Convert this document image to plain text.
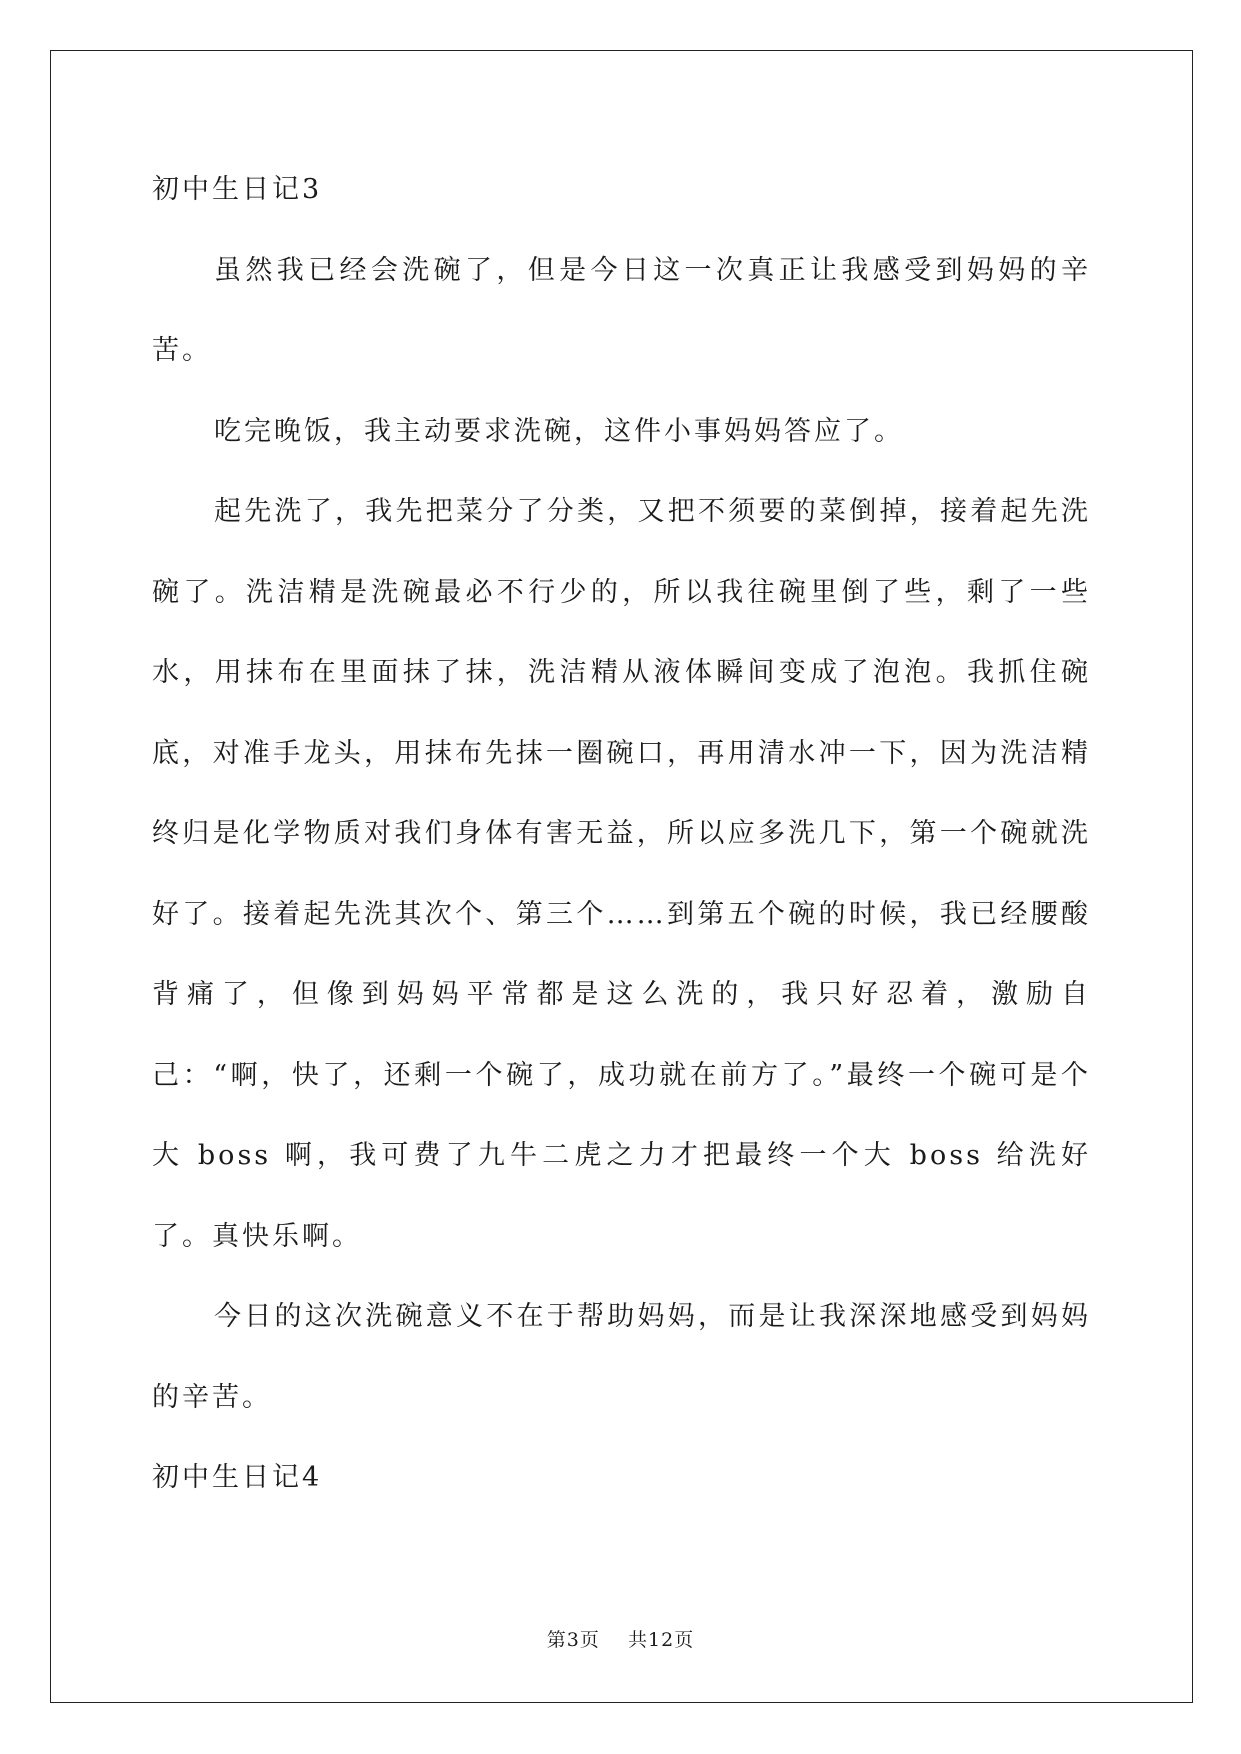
初中生日记3

虽然我已经会洗碗了，但是今日这一次真正让我感受到妈妈的辛苦。

吃完晚饭，我主动要求洗碗，这件小事妈妈答应了。

起先洗了，我先把菜分了分类，又把不须要的菜倒掉，接着起先洗碗了。洗洁精是洗碗最必不行少的，所以我往碗里倒了些，剩了一些水，用抹布在里面抹了抹，洗洁精从液体瞬间变成了泡泡。我抓住碗底，对准手龙头，用抹布先抹一圈碗口，再用清水冲一下，因为洗洁精终归是化学物质对我们身体有害无益，所以应多洗几下，第一个碗就洗好了。接着起先洗其次个、第三个……到第五个碗的时候，我已经腰酸背痛了，但像到妈妈平常都是这么洗的，我只好忍着，激励自己：“啊，快了，还剩一个碗了，成功就在前方了。”最终一个碗可是个大 boss 啊，我可费了九牛二虎之力才把最终一个大 boss 给洗好了。真快乐啊。

今日的这次洗碗意义不在于帮助妈妈，而是让我深深地感受到妈妈的辛苦。

初中生日记4

第3页 共12页
